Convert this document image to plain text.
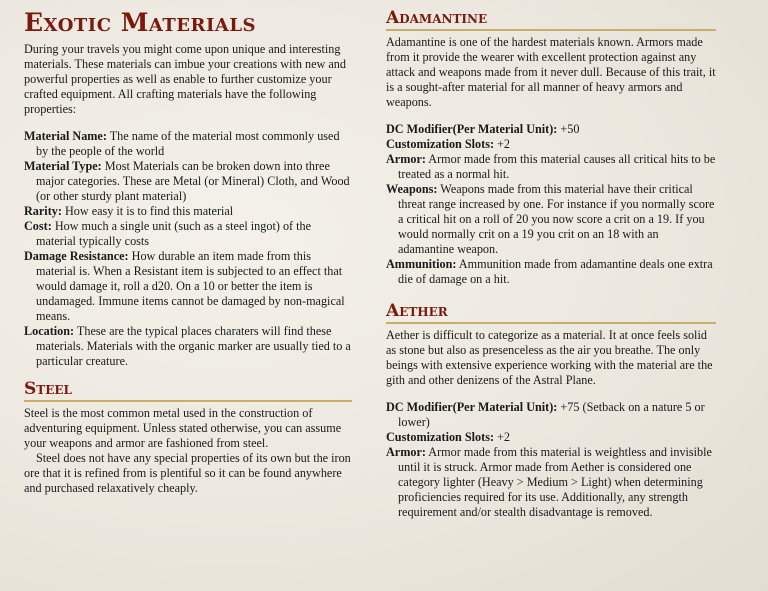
Exotic Materials

During your travels you might come upon unique and interesting materials. These materials can imbue your creations with new and powerful properties as well as enable to further customize your crafted equipment. All crafting materials have the following properties:

Material Name: The name of the material most commonly used by the people of the world
Material Type: Most Materials can be broken down into three major categories. These are Metal (or Mineral) Cloth, and Wood (or other sturdy plant material)
Rarity: How easy it is to find this material
Cost: How much a single unit (such as a steel ingot) of the material typically costs
Damage Resistance: How durable an item made from this material is. When a Resistant item is subjected to an effect that would damage it, roll a d20. On a 10 or better the item is undamaged. Immune items cannot be damaged by non-magical means.
Location: These are the typical places charaters will find these materials. Materials with the organic marker are usually tied to a particular creature.
Steel

Steel is the most common metal used in the construction of adventuring equipment. Unless stated otherwise, you can assume your weapons and armor are fashioned from steel.

Steel does not have any special properties of its own but the iron ore that it is refined from is plentiful so it can be found anywhere and purchased relaxatively cheaply.

Adamantine

Adamantine is one of the hardest materials known. Armors made from it provide the wearer with excellent protection against any attack and weapons made from it never dull. Because of this trait, it is a sought-after material for all manner of heavy armors and weapons.

DC Modifier(Per Material Unit): +50
Customization Slots: +2
Armor: Armor made from this material causes all critical hits to be treated as a normal hit.
Weapons: Weapons made from this material have their critical threat range increased by one. For instance if you normally score a critical hit on a roll of 20 you now score a crit on a 19. If you would normally crit on a 19 you crit on an 18 with an adamantine weapon.
Ammunition: Ammunition made from adamantine deals one extra die of damage on a hit.
Aether

Aether is difficult to categorize as a material. It at once feels solid as stone but also as presenceless as the air you breathe. The only beings with extensive experience working with the material are the gith and other denizens of the Astral Plane.

DC Modifier(Per Material Unit): +75 (Setback on a nature 5 or lower)
Customization Slots: +2
Armor: Armor made from this material is weightless and invisible until it is struck. Armor made from Aether is considered one category lighter (Heavy > Medium > Light) when determining proficiencies required for its use. Additionally, any strength requirement and/or stealth disadvantage is removed.
